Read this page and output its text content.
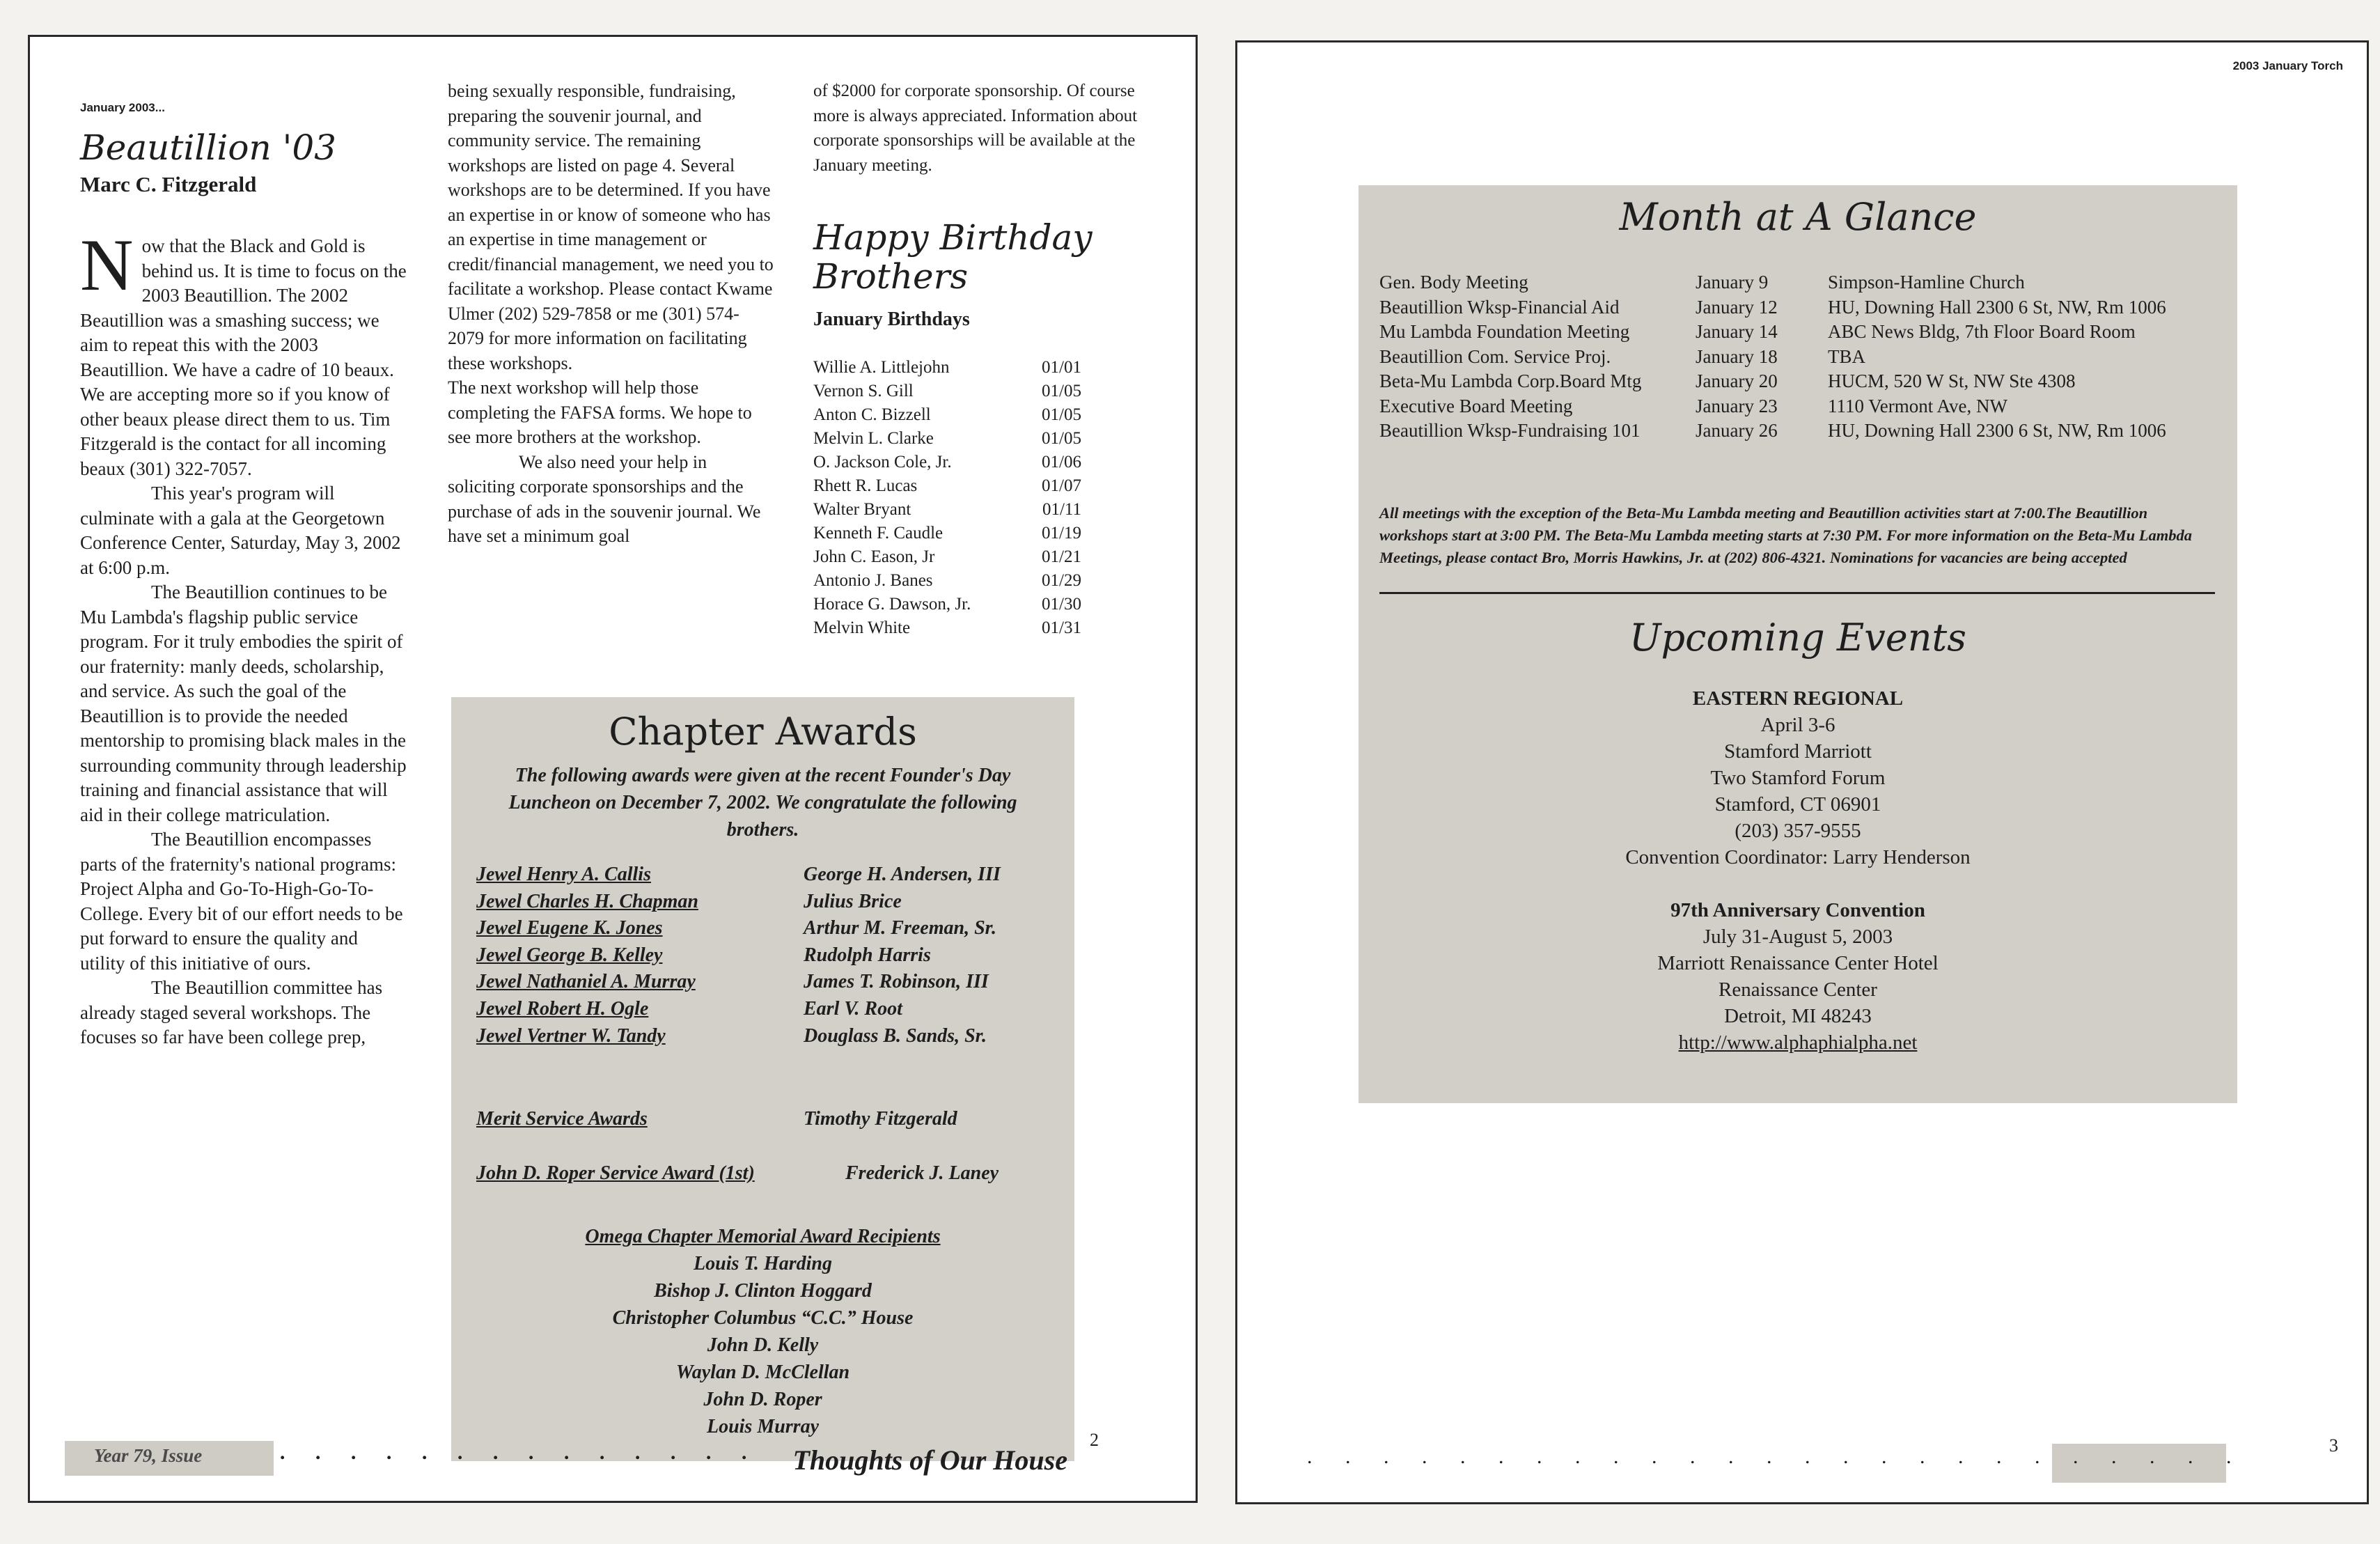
January 2003...
Beautillion '03
Marc C. Fitzgerald

Now that the Black and Gold is behind us. It is time to focus on the 2003 Beautillion. The 2002 Beautillion was a smashing success; we aim to repeat this with the 2003 Beautillion. We have a cadre of 10 beaux. We are accepting more so if you know of other beaux please direct them to us. Tim Fitzgerald is the contact for all incoming beaux (301) 322-7057.

This year's program will culminate with a gala at the Georgetown Conference Center, Saturday, May 3, 2002 at 6:00 p.m.

The Beautillion continues to be Mu Lambda's flagship public service program. For it truly embodies the spirit of our fraternity: manly deeds, scholarship, and service. As such the goal of the Beautillion is to provide the needed mentorship to promising black males in the surrounding community through leadership training and financial assistance that will aid in their college matriculation.

The Beautillion encompasses parts of the fraternity's national programs: Project Alpha and Go-To-High-Go-To-College. Every bit of our effort needs to be put forward to ensure the quality and utility of this initiative of ours.

The Beautillion committee has already staged several workshops. The focuses so far have been college prep,

being sexually responsible, fundraising, preparing the souvenir journal, and community service. The remaining workshops are listed on page 4. Several workshops are to be determined. If you have an expertise in or know of someone who has an expertise in time management or credit/financial management, we need you to facilitate a workshop. Please contact Kwame Ulmer (202) 529-7858 or me (301) 574-2079 for more information on facilitating these workshops.

The next workshop will help those completing the FAFSA forms. We hope to see more brothers at the workshop.

We also need your help in soliciting corporate sponsorships and the purchase of ads in the souvenir journal. We have set a minimum goal

of $2000 for corporate sponsorship. Of course more is always appreciated. Information about corporate sponsorships will be available at the January meeting.

Happy Birthday
Brothers
January Birthdays
Willie A. Littlejohn	01/01
Vernon S. Gill	01/05
Anton C. Bizzell	01/05
Melvin L. Clarke	01/05
O. Jackson Cole, Jr.	01/06
Rhett R. Lucas	01/07
Walter Bryant	01/11
Kenneth F. Caudle	01/19
John C. Eason, Jr	01/21
Antonio J. Banes	01/29
Horace G. Dawson, Jr.	01/30
Melvin White	01/31
Chapter Awards
The following awards were given at the recent Founder's Day Luncheon on December 7, 2002. We congratulate the following brothers.
Jewel Henry A. Callis	George H. Andersen, III
Jewel Charles H. Chapman	Julius Brice
Jewel Eugene K. Jones	Arthur M. Freeman, Sr.
Jewel George B. Kelley	Rudolph Harris
Jewel Nathaniel A. Murray	James T. Robinson, III
Jewel Robert H. Ogle	Earl V. Root
Jewel Vertner W. Tandy	Douglass B. Sands, Sr.
Merit Service Awards	Timothy Fitzgerald
John D. Roper Service Award (1st)	Frederick J. Laney
Omega Chapter Memorial Award Recipients
Louis T. Harding
Bishop J. Clinton Hoggard
Christopher Columbus “C.C.” House
John D. Kelly
Waylan D. McClellan
John D. Roper
Louis Murray
Year 79, Issue	. . . . . . . . . . . . . . Thoughts of Our House
2
2003 January Torch
Month at A Glance
Gen. Body Meeting	January 9	Simpson-Hamline Church
Beautillion Wksp-Financial Aid	January 12	HU, Downing Hall 2300 6 St, NW, Rm 1006
Mu Lambda Foundation Meeting	January 14	ABC News Bldg, 7th Floor Board Room
Beautillion Com. Service Proj.	January 18	TBA
Beta-Mu Lambda Corp.Board Mtg	January 20	HUCM, 520 W St, NW Ste 4308
Executive Board Meeting	January 23	1110 Vermont Ave, NW
Beautillion Wksp-Fundraising 101	January 26	HU, Downing Hall 2300 6 St, NW, Rm 1006
All meetings with the exception of the Beta-Mu Lambda meeting and Beautillion activities start at 7:00.The Beautillion workshops start at 3:00 PM. The Beta-Mu Lambda meeting starts at 7:30 PM. For more information on the Beta-Mu Lambda Meetings, please contact Bro, Morris Hawkins, Jr. at (202) 806-4321. Nominations for vacancies are being accepted
Upcoming Events
EASTERN REGIONAL
April 3-6
Stamford Marriott
Two Stamford Forum
Stamford, CT 06901
(203) 357-9555
Convention Coordinator: Larry Henderson
97th Anniversary Convention
July 31-August 5, 2003
Marriott Renaissance Center Hotel
Renaissance Center
Detroit, MI 48243
http://www.alphaphialpha.net
. . . . . . . . . . . . . . . . . . . . . . . . .	3
